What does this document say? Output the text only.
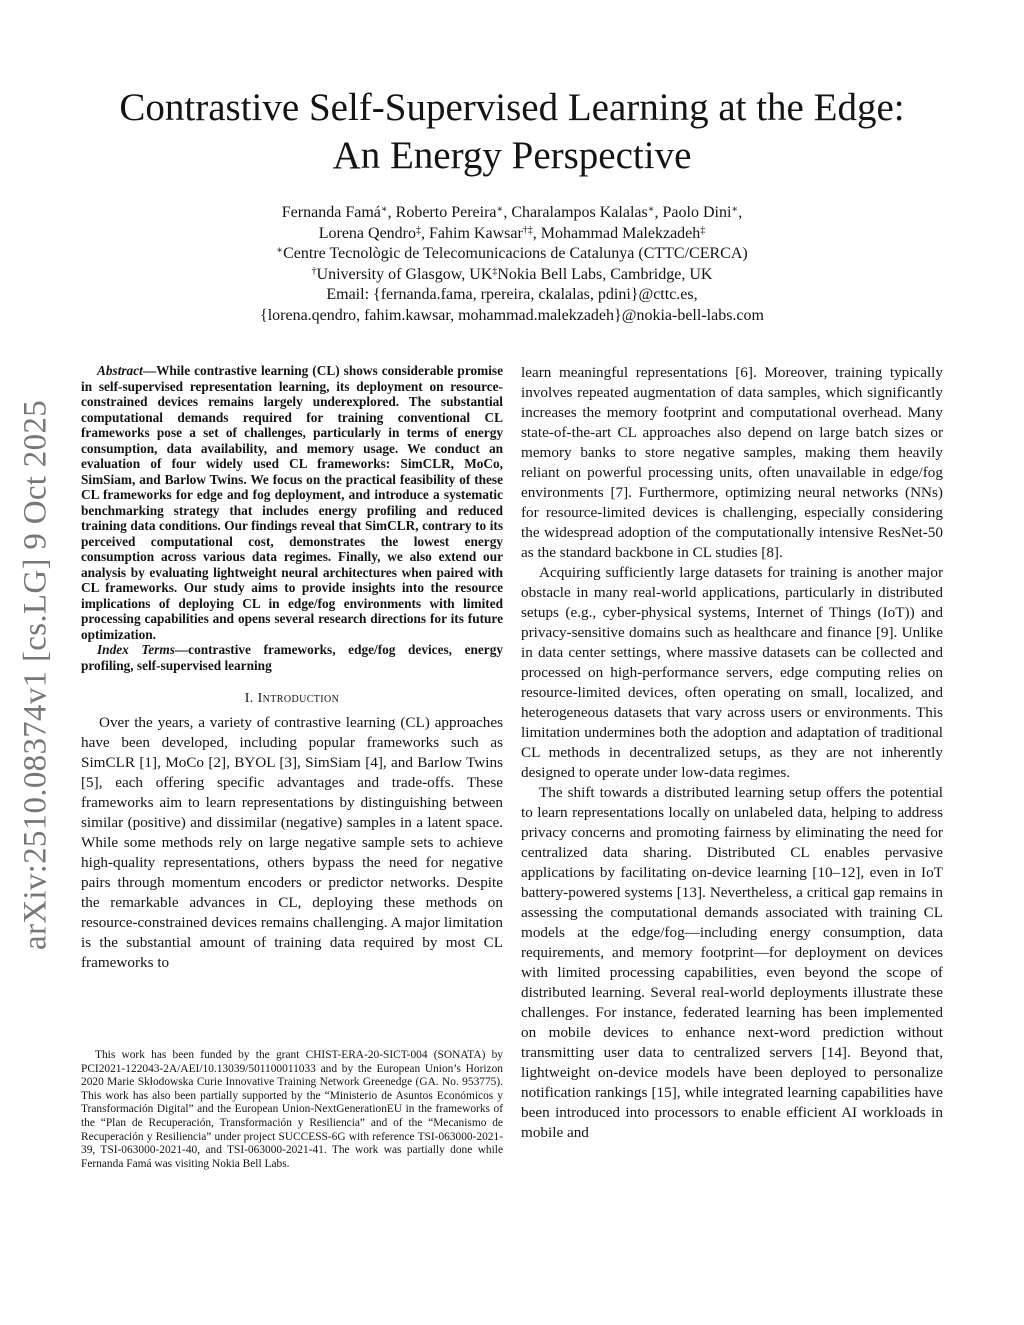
arXiv:2510.08374v1 [cs.LG] 9 Oct 2025
Contrastive Self-Supervised Learning at the Edge:
An Energy Perspective
Fernanda Famá∗, Roberto Pereira∗, Charalampos Kalalas∗, Paolo Dini∗,
Lorena Qendro‡, Fahim Kawsar†‡, Mohammad Malekzadeh‡
∗Centre Tecnològic de Telecomunicacions de Catalunya (CTTC/CERCA)
†University of Glasgow, UK‡Nokia Bell Labs, Cambridge, UK
Email: {fernanda.fama, rpereira, ckalalas, pdini}@cttc.es,
{lorena.qendro, fahim.kawsar, mohammad.malekzadeh}@nokia-bell-labs.com

Abstract—While contrastive learning (CL) shows considerable promise in self-supervised representation learning, its deployment on resource-constrained devices remains largely underexplored. The substantial computational demands required for training conventional CL frameworks pose a set of challenges, particularly in terms of energy consumption, data availability, and memory usage. We conduct an evaluation of four widely used CL frameworks: SimCLR, MoCo, SimSiam, and Barlow Twins. We focus on the practical feasibility of these CL frameworks for edge and fog deployment, and introduce a systematic benchmarking strategy that includes energy profiling and reduced training data conditions. Our findings reveal that SimCLR, contrary to its perceived computational cost, demonstrates the lowest energy consumption across various data regimes. Finally, we also extend our analysis by evaluating lightweight neural architectures when paired with CL frameworks. Our study aims to provide insights into the resource implications of deploying CL in edge/fog environments with limited processing capabilities and opens several research directions for its future optimization.

Index Terms—contrastive frameworks, edge/fog devices, energy profiling, self-supervised learning

I. Introduction

Over the years, a variety of contrastive learning (CL) approaches have been developed, including popular frameworks such as SimCLR [1], MoCo [2], BYOL [3], SimSiam [4], and Barlow Twins [5], each offering specific advantages and trade-offs. These frameworks aim to learn representations by distinguishing between similar (positive) and dissimilar (negative) samples in a latent space. While some methods rely on large negative sample sets to achieve high-quality representations, others bypass the need for negative pairs through momentum encoders or predictor networks. Despite the remarkable advances in CL, deploying these methods on resource-constrained devices remains challenging. A major limitation is the substantial amount of training data required by most CL frameworks to

This work has been funded by the grant CHIST-ERA-20-SICT-004 (SONATA) by PCI2021-122043-2A/AEI/10.13039/501100011033 and by the European Union’s Horizon 2020 Marie Skłodowska Curie Innovative Training Network Greenedge (GA. No. 953775). This work has also been partially supported by the “Ministerio de Asuntos Económicos y Transformación Digital” and the European Union-NextGenerationEU in the frameworks of the “Plan de Recuperación, Transformación y Resiliencia” and of the “Mecanismo de Recuperación y Resiliencia” under project SUCCESS-6G with reference TSI-063000-2021-39, TSI-063000-2021-40, and TSI-063000-2021-41. The work was partially done while Fernanda Famá was visiting Nokia Bell Labs.

learn meaningful representations [6]. Moreover, training typically involves repeated augmentation of data samples, which significantly increases the memory footprint and computational overhead. Many state-of-the-art CL approaches also depend on large batch sizes or memory banks to store negative samples, making them heavily reliant on powerful processing units, often unavailable in edge/fog environments [7]. Furthermore, optimizing neural networks (NNs) for resource-limited devices is challenging, especially considering the widespread adoption of the computationally intensive ResNet-50 as the standard backbone in CL studies [8].

Acquiring sufficiently large datasets for training is another major obstacle in many real-world applications, particularly in distributed setups (e.g., cyber-physical systems, Internet of Things (IoT)) and privacy-sensitive domains such as healthcare and finance [9]. Unlike in data center settings, where massive datasets can be collected and processed on high-performance servers, edge computing relies on resource-limited devices, often operating on small, localized, and heterogeneous datasets that vary across users or environments. This limitation undermines both the adoption and adaptation of traditional CL methods in decentralized setups, as they are not inherently designed to operate under low-data regimes.

The shift towards a distributed learning setup offers the potential to learn representations locally on unlabeled data, helping to address privacy concerns and promoting fairness by eliminating the need for centralized data sharing. Distributed CL enables pervasive applications by facilitating on-device learning [10–12], even in IoT battery-powered systems [13]. Nevertheless, a critical gap remains in assessing the computational demands associated with training CL models at the edge/fog—including energy consumption, data requirements, and memory footprint—for deployment on devices with limited processing capabilities, even beyond the scope of distributed learning. Several real-world deployments illustrate these challenges. For instance, federated learning has been implemented on mobile devices to enhance next-word prediction without transmitting user data to centralized servers [14]. Beyond that, lightweight on-device models have been deployed to personalize notification rankings [15], while integrated learning capabilities have been introduced into processors to enable efficient AI workloads in mobile and
